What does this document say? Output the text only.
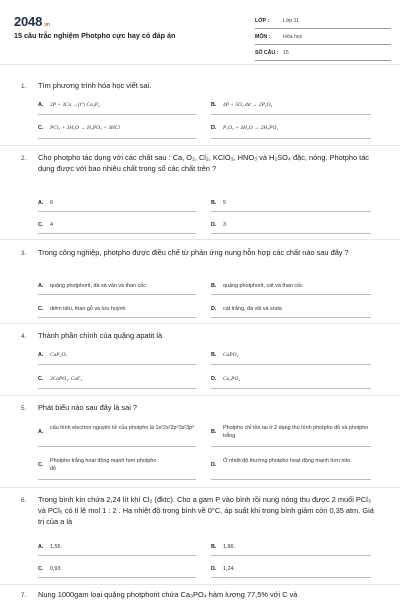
2048.vn
15 câu trắc nghiệm Photpho cực hay có đáp án
LỚP :	Lớp 11
MÔN :	Hóa học
SỐ CÂU : 15
1. Tìm phương trình hóa học viết sai.
A. 2P + 3Ca →(t°) Ca₃P₂	B. 4P + 5O₂ dư → 2P₂O₅
C. PCl₃ + 3H₂O → H₃PO₃ + 3HCl	D. P₂O₃ + 3H₂O → 2H₃PO₄
2. Cho photpho tác dụng với các chất sau : Ca, O₂, Cl₂, KClO₃, HNO₃ và H₂SO₄ đặc, nóng. Photpho tác dụng được với bao nhiêu chất trong số các chất trên ?
A. 6	B. 5
C. 4	D. 3
3. Trong công nghiệp, photpho được điều chế từ phản ứng nung hỗn hợp các chất nào sau đây ?
A. quặng photphorit, đá xà vân và than cốc	B. quặng photphorit, cát và than cốc
C. diêm tiêu, than gỗ và lưu huỳnh	D. cát trắng, đá vôi và soda
4. Thành phần chính của quặng apatit là
A. CaP₂O₇	B. CaPO₃
C. 3CaPO₄. CaF₂	D. Ca₃PO₄
5. Phát biểu nào sau đây là sai ?
A.
cấu hình electron nguyên tử của photpho là 1s²2s²2p⁶3s²3p³
B.
Photpho chỉ tồn tại ở 2 dạng thù hình photpho đỏ và photpho trắng.
C.
Photpho trắng hoạt động mạnh hơn photpho đỏ
D.
Ở nhiệt độ thường photpho hoạt động mạnh hơn nitơ.
6. Trong bình kín chứa 2,24 lít khí Cl₂ (đktc). Cho a gam P vào bình rồi nung nóng thu được 2 muối PCl₃ và PCl₅ có tỉ lệ mol 1 : 2 . Hạ nhiệt độ trong bình về 0°C, áp suất khi trong bình giảm còn 0,35 atm. Giá trị của a là
A. 1,55.	B. 1,86.
C. 0,93.	D. 1,24.
7. Nung 1000gam loại quặng photphorit chứa Ca₃PO₄ hàm lượng 77,5% với C và
